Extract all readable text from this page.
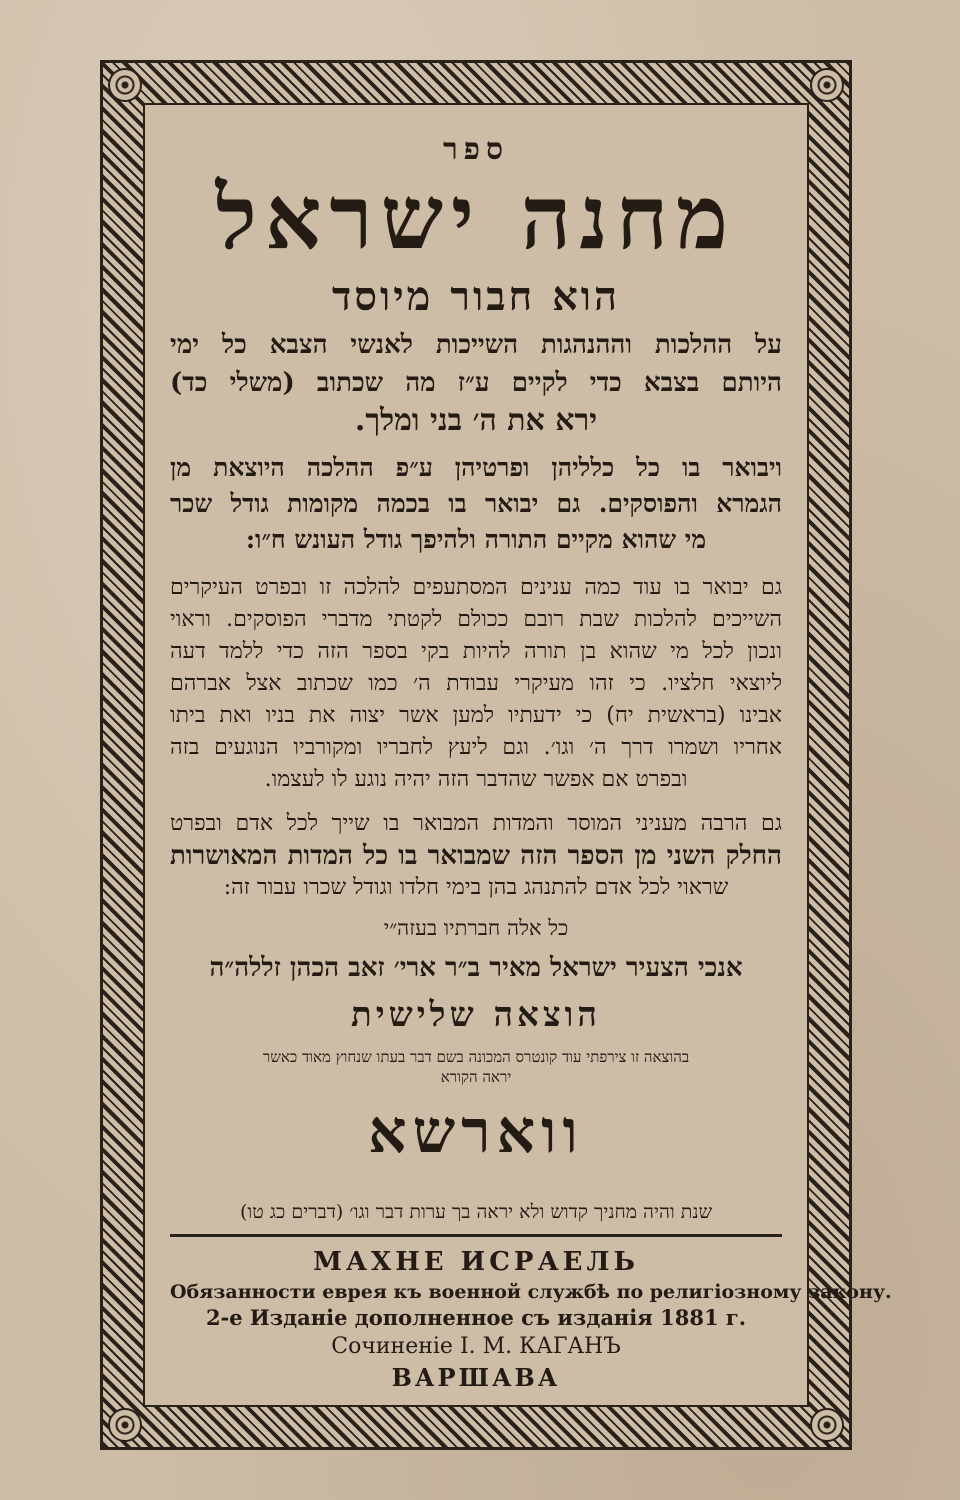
ספר
מחנה ישראל
הוא חבור מיוסד
על ההלכות וההנהגות השייכות לאנשי הצבא כל ימי
היותם בצבא כדי לקיים ע״ז מה שכתוב (משלי כד)
ירא את ה׳ בני ומלך.
ויבואר בו כל כלליהן ופרטיהן ע״פ ההלכה היוצאת מן
הגמרא והפוסקים. גם יבואר בו בכמה מקומות גודל שכר
מי שהוא מקיים התורה ולהיפך גודל העונש ח״ו:
גם יבואר בו עוד כמה ענינים המסתעפים להלכה זו ובפרט העיקרים
השייכים להלכות שבת רובם ככולם לקטתי מדברי הפוסקים. וראוי
ונכון לכל מי שהוא בן תורה להיות בקי בספר הזה כדי ללמד דעה
ליוצאי חלציו. כי זהו מעיקרי עבודת ה׳ כמו שכתוב אצל אברהם
אבינו (בראשית יח) כי ידעתיו למען אשר יצוה את בניו ואת ביתו
אחריו ושמרו דרך ה׳ וגו׳. וגם ליעץ לחבריו ומקורביו הנוגעים בזה
ובפרט אם אפשר שהדבר הזה יהיה נוגע לו לעצמו.
גם הרבה מעניני המוסר והמדות המבואר בו שייך לכל אדם ובפרט
החלק השני מן הספר הזה שמבואר בו כל המדות המאושרות
שראוי לכל אדם להתנהג בהן בימי חלדו וגודל שכרו עבור זה:
כל אלה חברתיו בעזה״י
אנכי הצעיר ישראל מאיר ב״ר ארי׳ זאב הכהן זללה״ה
הוצאה שלישית
בהוצאה זו צירפתי עוד קונטרס המכונה בשם דבר בעתו שנחוץ מאוד כאשר
יראה הקורא
ווארשא
שנת והיה מחניך קדוש ולא יראה בך ערות דבר וגו׳ (דברים כג טו)
МАХНЕ ИСРАЕЛЬ
Обязанности еврея къ военной службѣ по религіозному закону.
2-е Изданіе дополненное съ изданія 1881 г.
Сочиненіе І. М. КАГАНЪ
ВАРШАВА
